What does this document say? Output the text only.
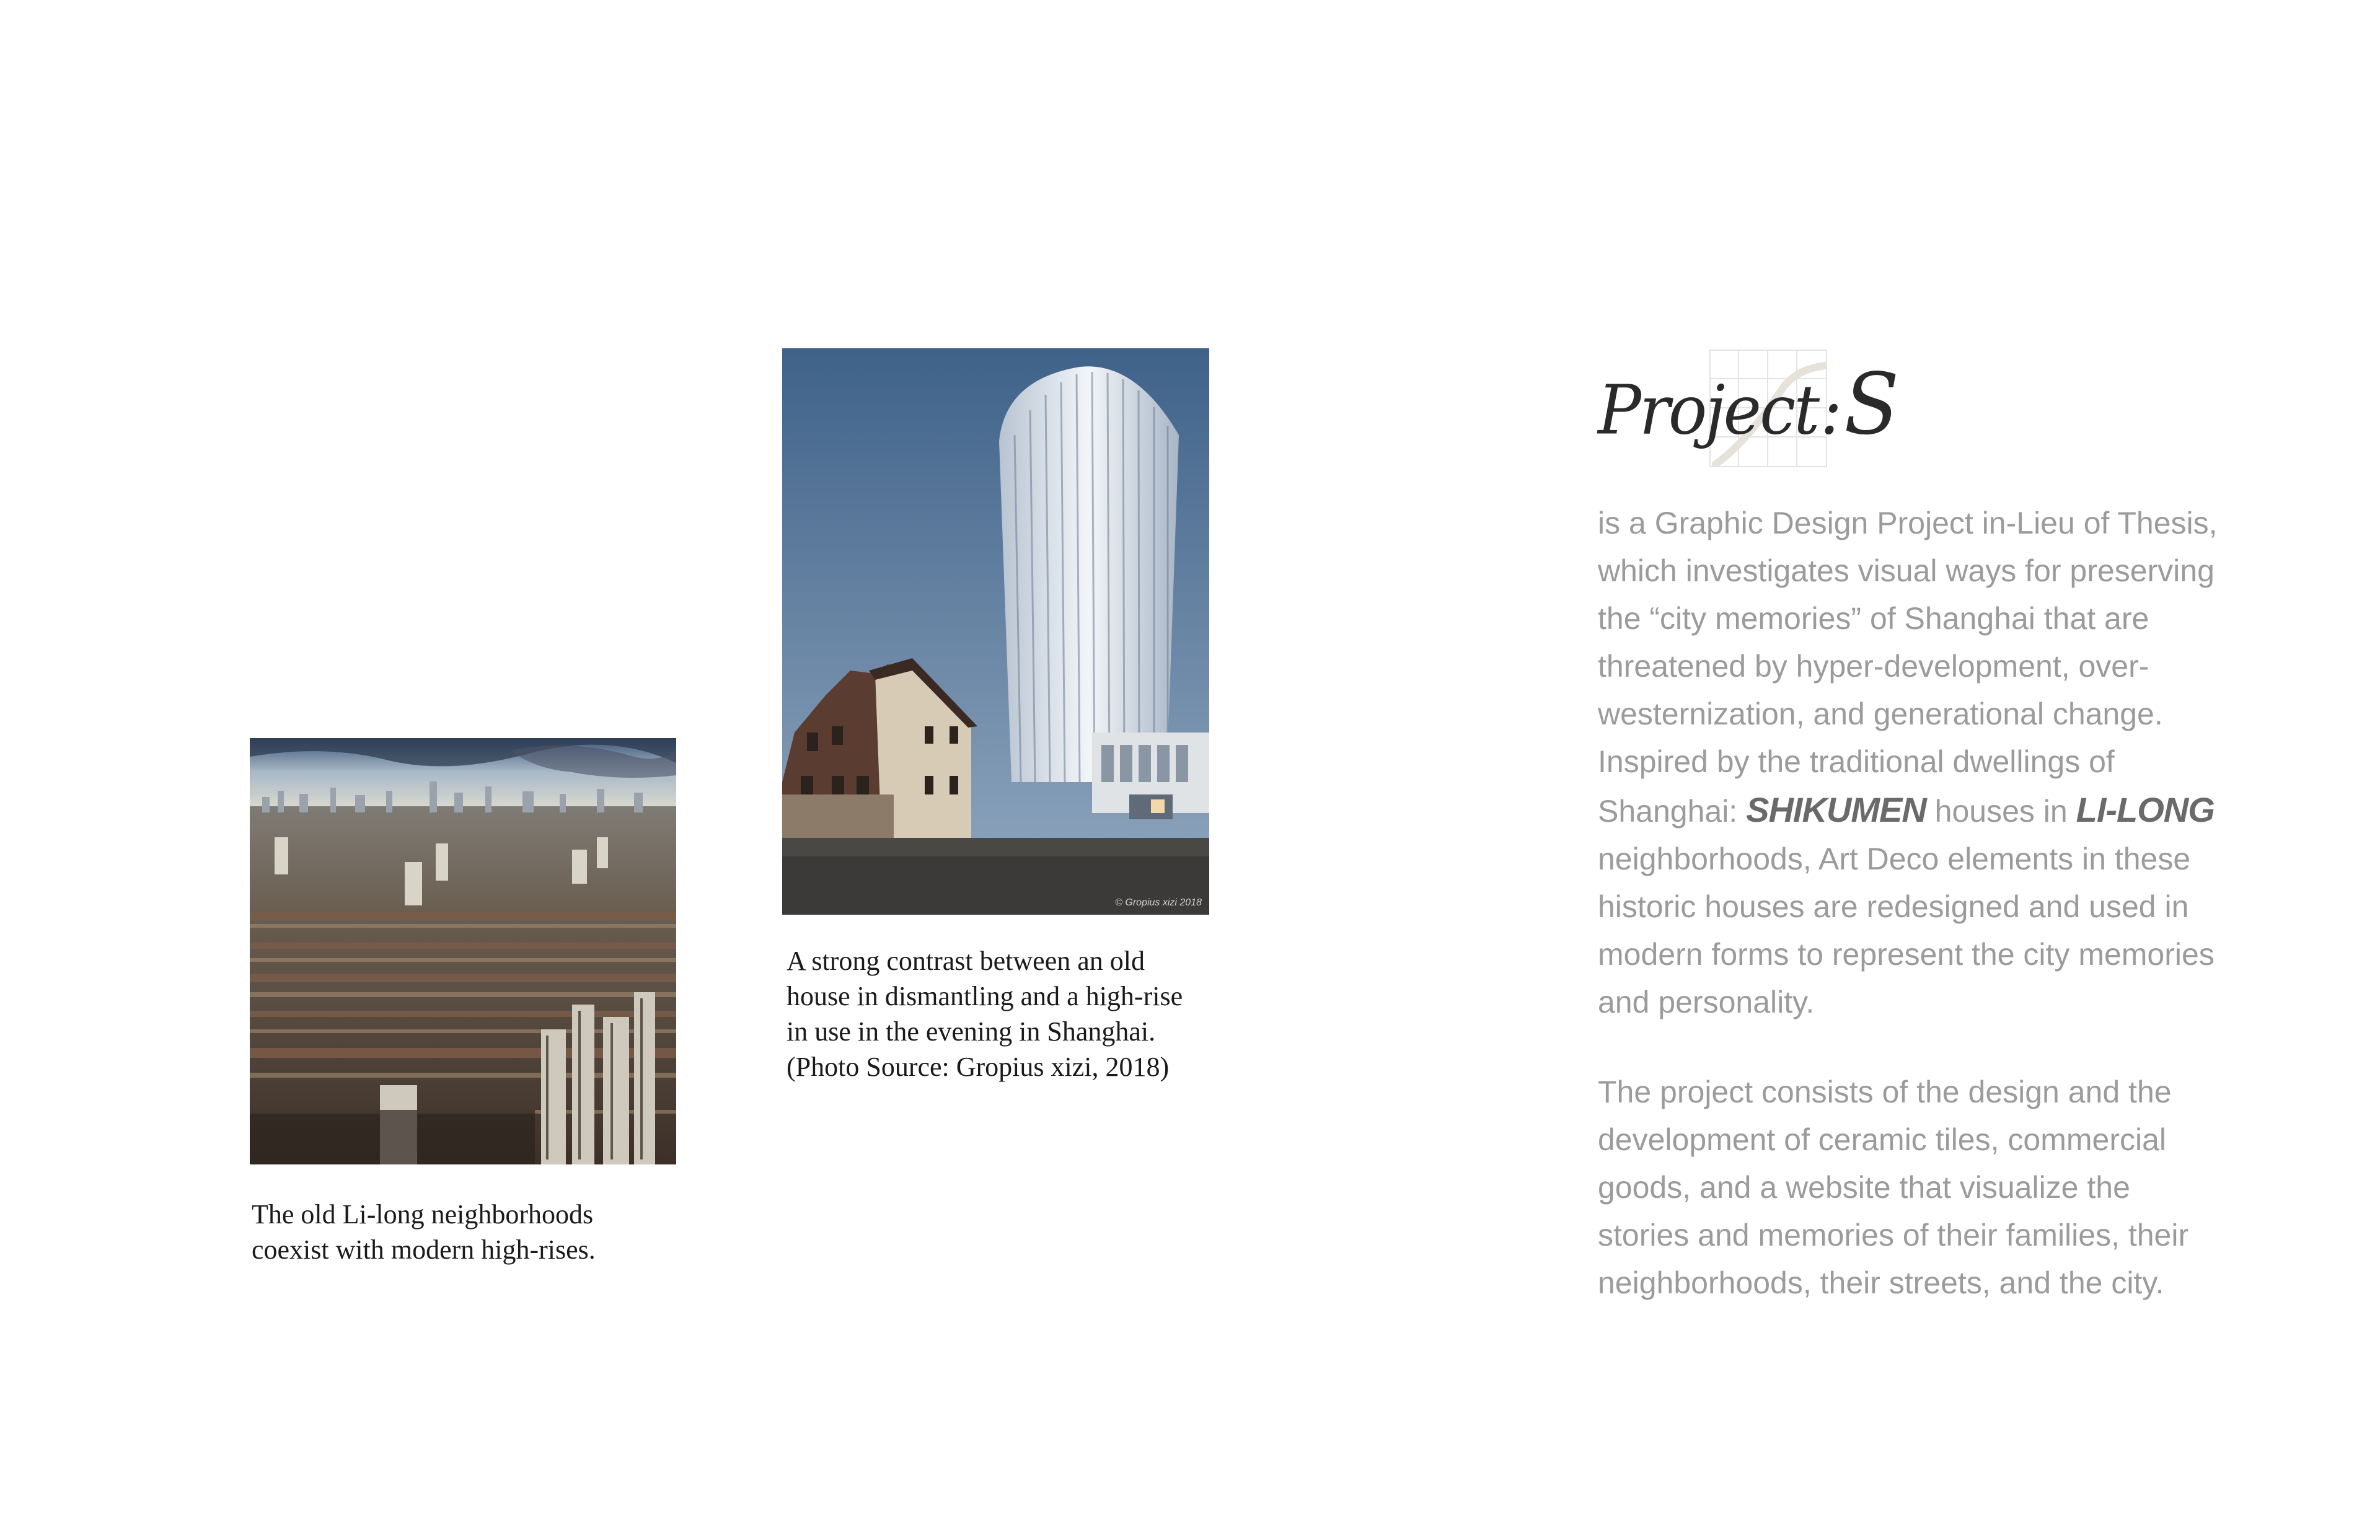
The old Li-long neighborhoods
coexist with modern high-rises.

© Gropius xizi 2018

A strong contrast between an old
house in dismantling and a high-rise
in use in the evening in Shanghai.
(Photo Source: Gropius xizi, 2018)

Project:S

is a Graphic Design Project in-Lieu of Thesis,
which investigates visual ways for preserving
the “city memories” of Shanghai that are
threatened by hyper-development, over-
westernization, and generational change.
Inspired by the traditional dwellings of
Shanghai: SHIKUMEN houses in LI-LONG
neighborhoods, Art Deco elements in these
historic houses are redesigned and used in
modern forms to represent the city memories
and personality.

The project consists of the design and the
development of ceramic tiles, commercial
goods, and a website that visualize the
stories and memories of their families, their
neighborhoods, their streets, and the city.
